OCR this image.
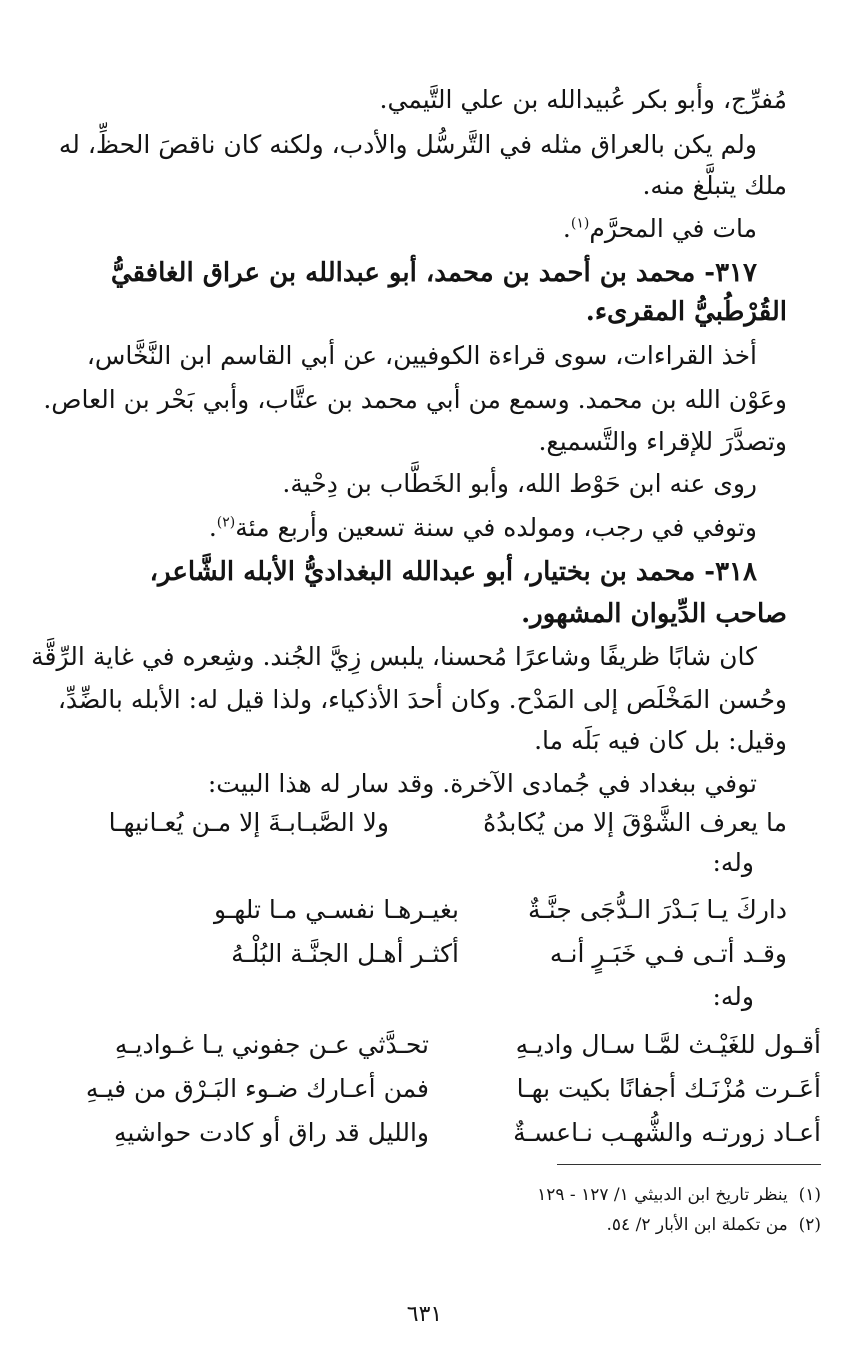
مُفرِّج، وأبو بكر عُبيدالله بن علي التَّيمي.
ولم يكن بالعراق مثله في التَّرسُّل والأدب، ولكنه كان ناقصَ الحظِّ، له
ملك يتبلَّغ منه.
مات في المحرَّم$^{(١)}$.
٣١٧- محمد بن أحمد بن محمد، أبو عبدالله بن عراق الغافقيُّ
القُرْطُبيُّ المقرىء.
أخذ القراءات، سوى قراءة الكوفيين، عن أبي القاسم ابن النَّخَّاس،
وعَوْن الله بن محمد. وسمع من أبي محمد بن عتَّاب، وأبي بَحْر بن العاص.
وتصدَّرَ للإقراء والتَّسميع.
روى عنه ابن حَوْط الله، وأبو الخَطَّاب بن دِحْية.
وتوفي في رجب، ومولده في سنة تسعين وأربع مئة$^{(٢)}$.
٣١٨- محمد بن بختيار، أبو عبدالله البغداديُّ الأبله الشَّاعر،
صاحب الدِّيوان المشهور.
كان شابًا ظريفًا وشاعرًا مُحسنا، يلبس زِيَّ الجُند. وشِعره في غاية الرِّقَّة
وحُسن المَخْلَص إلى المَدْح. وكان أحدَ الأذكياء، ولذا قيل له: الأبله بالضِّدِّ،
وقيل: بل كان فيه بَلَه ما.
توفي ببغداد في جُمادى الآخرة. وقد سار له هذا البيت:
ما يعرف الشَّوْقَ إلا من يُكابدُهُ
ولا الصَّبـابـةَ إلا مـن يُعـانيهـا
وله:
داركَ يـا بَـدْرَ الـدُّجَى جنَّـةٌ
بغيـرهـا نفسـي مـا تلهـو
وقـد أتـى فـي خَبَـرٍ أنـه
أكثـر أهـل الجنَّـة البُلْـهُ
وله:
أقـول للغَيْـث لمَّـا سـال واديـهِ
تحـدَّثي عـن جفوني يـا غـواديـهِ
أعَـرت مُزْنَـك أجفانًا بكيت بهـا
فمن أعـارك ضـوء البَـرْق من فيـهِ
أعـاد زورتـه والشُّهـب نـاعسـةٌ
والليل قد راق أو كادت حواشيهِ
(١)  ينظر تاريخ ابن الدبيثي ١/ ١٢٧ - ١٢٩
(٢)  من تكملة ابن الأبار ٢/ ٥٤.
٦٣١
